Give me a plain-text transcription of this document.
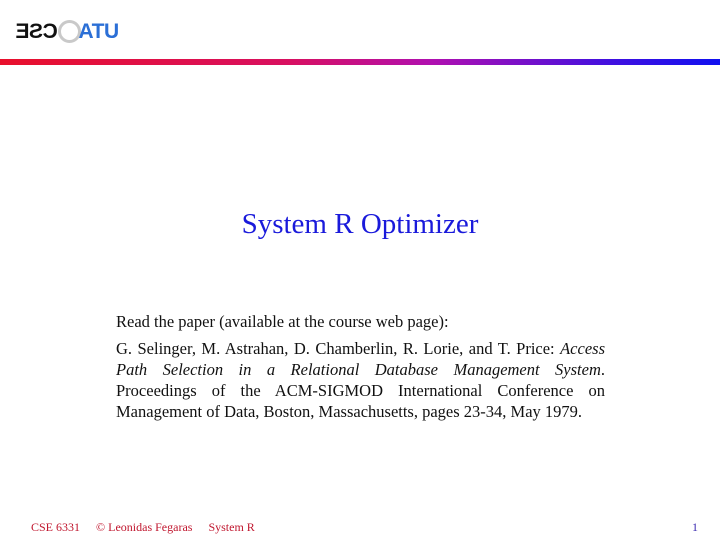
CSE UTA
System R Optimizer

Read the paper (available at the course web page):

G. Selinger, M. Astrahan, D. Chamberlin, R. Lorie, and T. Price: Access Path Selection in a Relational Database Management System. Proceedings of the ACM-SIGMOD International Conference on Management of Data, Boston, Massachusetts, pages 23-34, May 1979.

CSE 6331 © Leonidas Fegaras System R	1
